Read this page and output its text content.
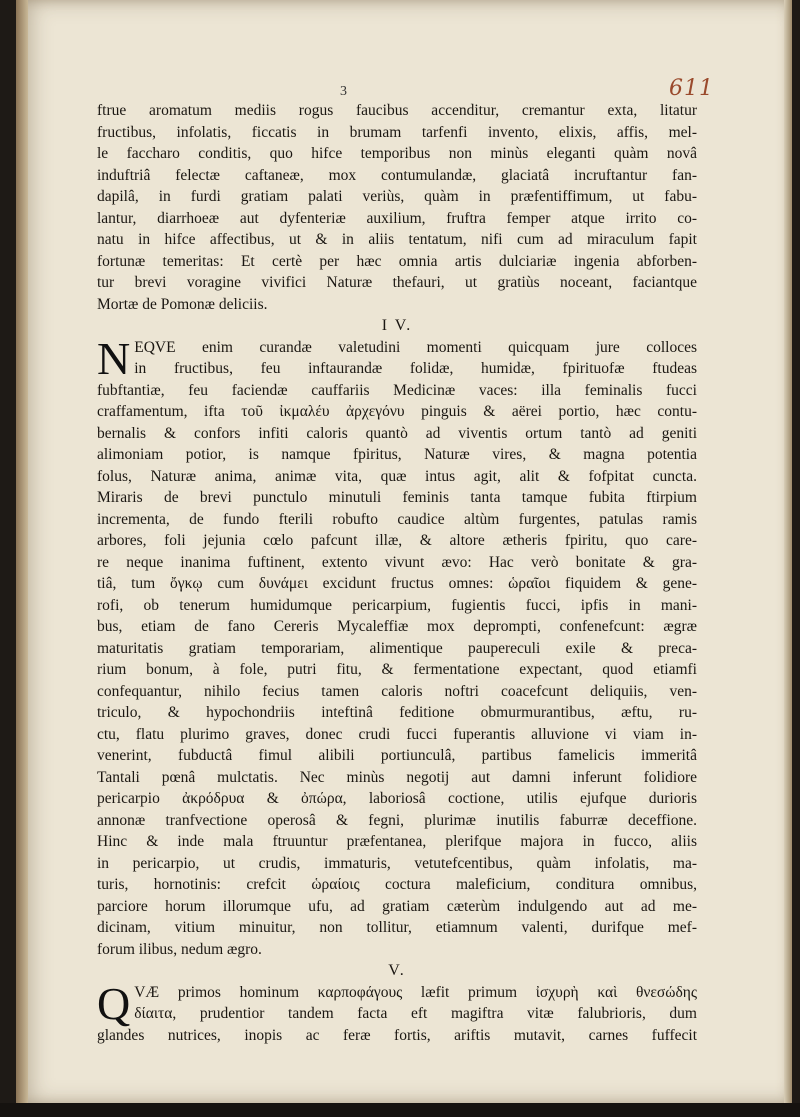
3	611
ftrue aromatum mediis rogus faucibus accenditur, cremantur exta, litatur
fructibus, infolatis, ficcatis in brumam tarfenfi invento, elixis, affis, mel-
le faccharo conditis, quo hifce temporibus non minùs eleganti quàm novâ
induftriâ felectæ caftaneæ, mox contumulandæ, glaciatâ incruftantur fan-
dapilâ, in furdi gratiam palati veriùs, quàm in præfentiffimum, ut fabu-
lantur, diarrhoeæ aut dyfenteriæ auxilium, fruftra femper atque irrito co-
natu in hifce affectibus, ut & in aliis tentatum, nifi cum ad miraculum fapit
fortunæ temeritas: Et certè per hæc omnia artis dulciariæ ingenia abforben-
tur brevi voragine vivifici Naturæ thefauri, ut gratiùs noceant, faciantque
Mortæ de Pomonæ deliciis.
I V.
N EQVE enim curandæ valetudini momenti quicquam jure colloces
in fructibus, feu inftaurandæ folidæ, humidæ, fpirituofæ ftudeas
fubftantiæ, feu faciendæ cauffariis Medicinæ vaces: illa feminalis fucci
craffamentum, ifta τοῦ ἰκμαλέυ ἀρχεγόνυ pinguis & aërei portio, hæc contu-
bernalis & confors infiti caloris quantò ad viventis ortum tantò ad geniti
alimoniam potior, is namque fpiritus, Naturæ vires, & magna potentia
folus, Naturæ anima, animæ vita, quæ intus agit, alit & fofpitat cuncta.
Miraris de brevi punctulo minutuli feminis tanta tamque fubita ftirpium
incrementa, de fundo fterili robufto caudice altùm furgentes, patulas ramis
arbores, foli jejunia cœlo pafcunt illæ, & altore ætheris fpiritu, quo care-
re neque inanima fuftinent, extento vivunt ævo: Hac verò bonitate & gra-
tiâ, tum ὄγκῳ cum δυνάμει excidunt fructus omnes: ὡραῖοι fiquidem & gene-
rofi, ob tenerum humidumque pericarpium, fugientis fucci, ipfis in mani-
bus, etiam de fano Cereris Mycaleffiæ mox deprompti, confenefcunt: ægræ
maturitatis gratiam temporariam, alimentique paupereculi exile & preca-
rium bonum, à fole, putri fitu, & fermentatione expectant, quod etiamfi
confequantur, nihilo fecius tamen caloris noftri coacefcunt deliquiis, ven-
triculo, & hypochondriis inteftinâ feditione obmurmurantibus, æftu, ru-
ctu, flatu plurimo graves, donec crudi fucci fuperantis alluvione vi viam in-
venerint, fubductâ fimul alibili portiunculâ, partibus famelicis immeritâ
Tantali pœnâ mulctatis. Nec minùs negotij aut damni inferunt folidiore
pericarpio ἀκρόδρυα & ὀπώρα, laboriosâ coctione, utilis ejufque durioris
annonæ tranfvectione operosâ & fegni, plurimæ inutilis faburræ deceffione.
Hinc & inde mala ftruuntur præfentanea, plerifque majora in fucco, aliis
in pericarpio, ut crudis, immaturis, vetutefcentibus, quàm infolatis, ma-
turis, hornotinis: crefcit ὡραίοις coctura maleficium, conditura omnibus,
parciore horum illorumque ufu, ad gratiam cæterùm indulgendo aut ad me-
dicinam, vitium minuitur, non tollitur, etiamnum valenti, durifque mef-
forum ilibus, nedum ægro.
V.
Q VÆ primos hominum καρποφάγους læfit primum ἰσχυρὴ καὶ θνεσώδης
δίαιτα, prudentior tandem facta eft magiftra vitæ falubrioris, dum
glandes nutrices, inopis ac feræ fortis, ariftis mutavit, carnes fuffecit
